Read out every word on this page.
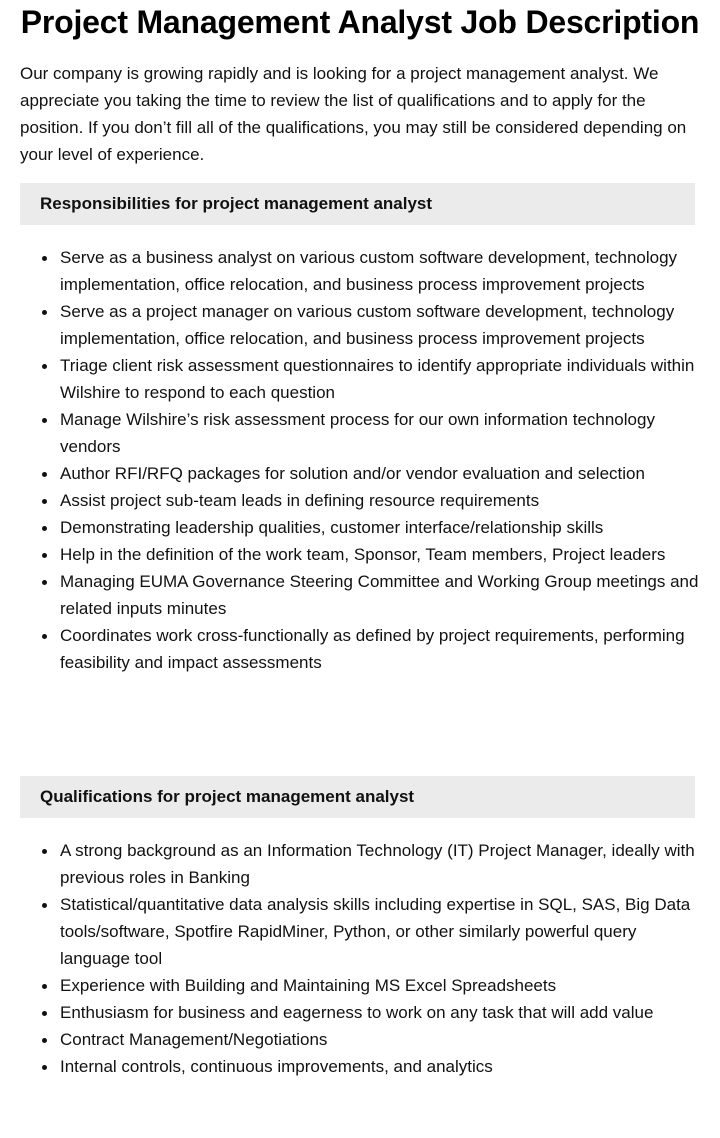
Project Management Analyst Job Description

Our company is growing rapidly and is looking for a project management analyst. We appreciate you taking the time to review the list of qualifications and to apply for the position. If you don’t fill all of the qualifications, you may still be considered depending on your level of experience.

Responsibilities for project management analyst
Serve as a business analyst on various custom software development, technology implementation, office relocation, and business process improvement projects
Serve as a project manager on various custom software development, technology implementation, office relocation, and business process improvement projects
Triage client risk assessment questionnaires to identify appropriate individuals within Wilshire to respond to each question
Manage Wilshire’s risk assessment process for our own information technology vendors
Author RFI/RFQ packages for solution and/or vendor evaluation and selection
Assist project sub-team leads in defining resource requirements
Demonstrating leadership qualities, customer interface/relationship skills
Help in the definition of the work team, Sponsor, Team members, Project leaders
Managing EUMA Governance Steering Committee and Working Group meetings and related inputs minutes
Coordinates work cross-functionally as defined by project requirements, performing feasibility and impact assessments
Qualifications for project management analyst
A strong background as an Information Technology (IT) Project Manager, ideally with previous roles in Banking
Statistical/quantitative data analysis skills including expertise in SQL, SAS, Big Data tools/software, Spotfire RapidMiner, Python, or other similarly powerful query language tool
Experience with Building and Maintaining MS Excel Spreadsheets
Enthusiasm for business and eagerness to work on any task that will add value
Contract Management/Negotiations
Internal controls, continuous improvements, and analytics
